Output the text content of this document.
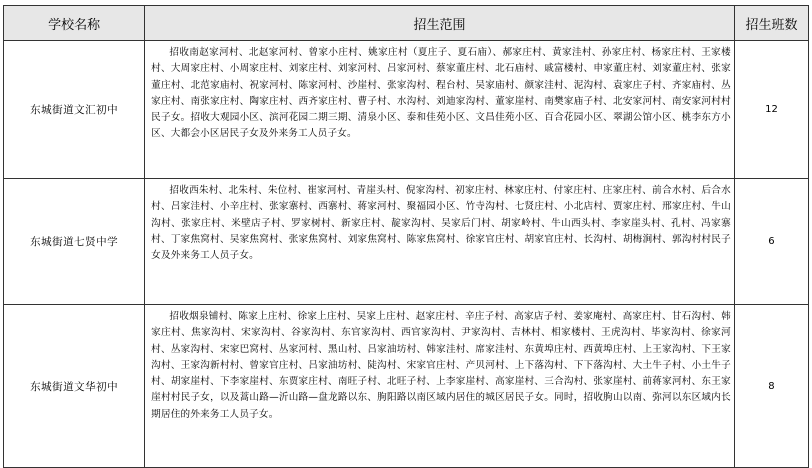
学校名称	招生范围	招生班数
东城街道文汇初中	招收南赵家河村、北赵家河村、曾家小庄村、姚家庄村（夏庄子、夏石庙）、郝家庄村、黄家洼村、孙家庄村、杨家庄村、王家楼村、大周家庄村、小周家庄村、刘家庄村、刘家河村、吕家河村、蔡家董庄村、北石庙村、戚富楼村、申家董庄村、刘家董庄村、张家董庄村、北范家庙村、祝家河村、陈家河村、沙崖村、张家沟村、程台村、吴家庙村、颜家洼村、泥沟村、袁家庄子村、齐家庙村、丛家庄村、南张家庄村、陶家庄村、西齐家庄村、曹子村、水沟村、刘迪家沟村、董家崖村、南樊家庙子村、北安家河村、南安家河村村民子女。招收大观园小区、滨河花园二期三期、清泉小区、泰和佳苑小区、文昌佳苑小区、百合花园小区、翠湖公馆小区、桃李东方小区、大都会小区居民子女及外来务工人员子女。	12
东城街道七贤中学	招收西朱村、北朱村、朱位村、崔家河村、青崖头村、倪家沟村、初家庄村、林家庄村、付家庄村、庄家庄村、前合水村、后合水村、吕家洼村、小辛庄村、张家寨村、西寨村、蒋家河村、聚福园小区、竹寺沟村、七贤庄村、小北店村、贾家庄村、邢家庄村、牛山沟村、张家庄村、米壁店子村、罗家树村、新家庄村、靛家沟村、吴家后门村、胡家岭村、牛山西头村、李家崖头村、孔村、冯家寨村、丁家焦窝村、吴家焦窝村、张家焦窝村、刘家焦窝村、陈家焦窝村、徐家官庄村、胡家官庄村、长沟村、胡梅涧村、郭沟村村民子女及外来务工人员子女。	6
东城街道文华初中	招收烟泉铺村、陈家上庄村、徐家上庄村、吴家上庄村、赵家庄村、辛庄子村、高家店子村、姜家庵村、高家庄村、甘石沟村、韩家庄村、焦家沟村、宋家沟村、谷家沟村、东官家沟村、西官家沟村、尹家沟村、吉林村、相家楼村、王虎沟村、毕家沟村、徐家河村、丛家沟村、宋家巴窝村、丛家河村、黑山村、吕家油坊村、韩家洼村、席家洼村、东黄埠庄村、西黄埠庄村、上王家沟村、下王家沟村、王家沟新村村、曾家官庄村、吕家油坊村、陡沟村、宋家官庄村、产贝河村、上下落沟村、下下落沟村、大土牛子村、小土牛子村、胡家崖村、下李家崖村、东贾家庄村、南旺子村、北旺子村、上李家崖村、高家崖村、三合沟村、张家崖村、前蒋家河村、东王家崖村村民子女，以及蒿山路—沂山路—盘龙路以东、朐阳路以南区域内居住的城区居民子女。同时，招收朐山以南、弥河以东区域内长期居住的外来务工人员子女。	8
